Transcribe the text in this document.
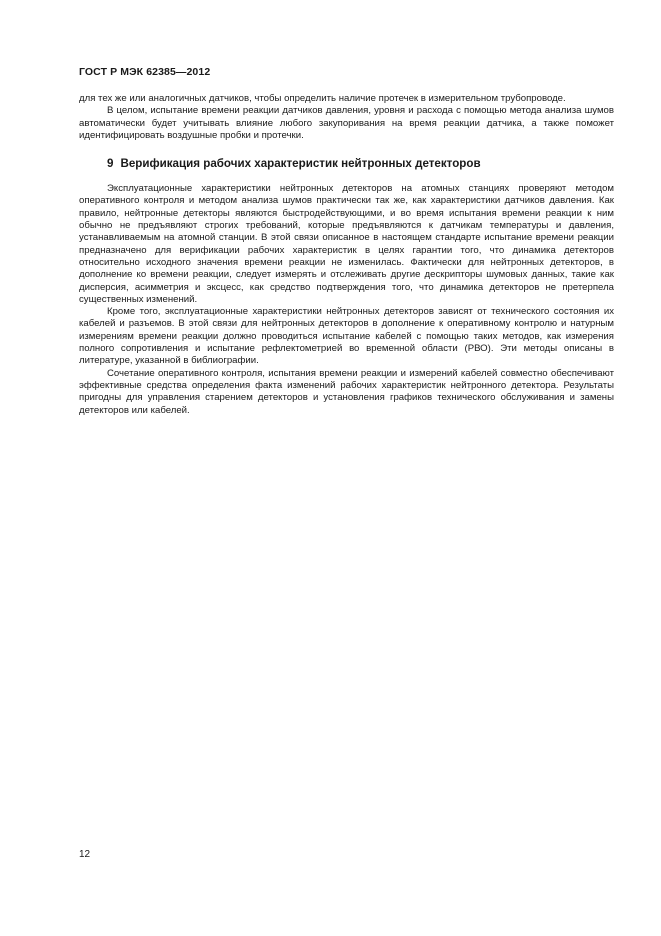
ГОСТ Р МЭК 62385—2012

для тех же или аналогичных датчиков, чтобы определить наличие протечек в измерительном трубопроводе.

В целом, испытание времени реакции датчиков давления, уровня и расхода с помощью метода анализа шумов автоматически будет учитывать влияние любого закупоривания на время реакции датчика, а также поможет идентифицировать воздушные пробки и протечки.

9 Верификация рабочих характеристик нейтронных детекторов

Эксплуатационные характеристики нейтронных детекторов на атомных станциях проверяют методом оперативного контроля и методом анализа шумов практически так же, как характеристики датчиков давления. Как правило, нейтронные детекторы являются быстродействующими, и во время испытания времени реакции к ним обычно не предъявляют строгих требований, которые предъявляются к датчикам температуры и давления, устанавливаемым на атомной станции. В этой связи описанное в настоящем стандарте испытание времени реакции предназначено для верификации рабочих характеристик в целях гарантии того, что динамика детекторов относительно исходного значения времени реакции не изменилась. Фактически для нейтронных детекторов, в дополнение ко времени реакции, следует измерять и отслеживать другие дескрипторы шумовых данных, такие как дисперсия, асимметрия и эксцесс, как средство подтверждения того, что динамика детекторов не претерпела существенных изменений.

Кроме того, эксплуатационные характеристики нейтронных детекторов зависят от технического состояния их кабелей и разъемов. В этой связи для нейтронных детекторов в дополнение к оперативному контролю и натурным измерениям времени реакции должно проводиться испытание кабелей с помощью таких методов, как измерения полного сопротивления и испытание рефлектометрией во временной области (РВО). Эти методы описаны в литературе, указанной в библиографии.

Сочетание оперативного контроля, испытания времени реакции и измерений кабелей совместно обеспечивают эффективные средства определения факта изменений рабочих характеристик нейтронного детектора. Результаты пригодны для управления старением детекторов и установления графиков технического обслуживания и замены детекторов или кабелей.

12
